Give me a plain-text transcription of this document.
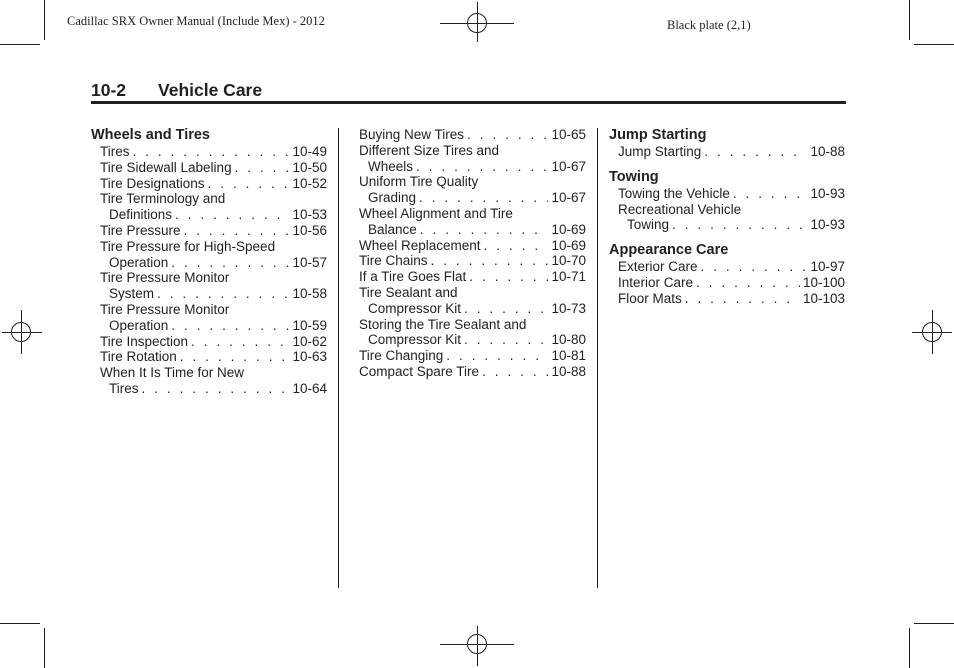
Cadillac SRX Owner Manual (Include Mex) - 2012	Black plate (2,1)
10-2 Vehicle Care
Wheels and Tires
Tires . . .	10-49
Tire Sidewall Labeling . . .	10-50
Tire Designations . . .	10-52
Tire Terminology and
Definitions . . .	10-53
Tire Pressure . . .	10-56
Tire Pressure for High-Speed
Operation . . .	10-57
Tire Pressure Monitor
System . . .	10-58
Tire Pressure Monitor
Operation . . .	10-59
Tire Inspection . . .	10-62
Tire Rotation . . .	10-63
When It Is Time for New
Tires . . .	10-64
Buying New Tires . . .	10-65
Different Size Tires and
Wheels . . .	10-67
Uniform Tire Quality
Grading . . .	10-67
Wheel Alignment and Tire
Balance . . .	10-69
Wheel Replacement . . .	10-69
Tire Chains . . .	10-70
If a Tire Goes Flat . . .	10-71
Tire Sealant and
Compressor Kit . . .	10-73
Storing the Tire Sealant and
Compressor Kit . . .	10-80
Tire Changing . . .	10-81
Compact Spare Tire . . .	10-88
Jump Starting
Jump Starting . . .	10-88
Towing
Towing the Vehicle . . .	10-93
Recreational Vehicle
Towing . . .	10-93
Appearance Care
Exterior Care . . .	10-97
Interior Care . . .	10-100
Floor Mats . . .	10-103
